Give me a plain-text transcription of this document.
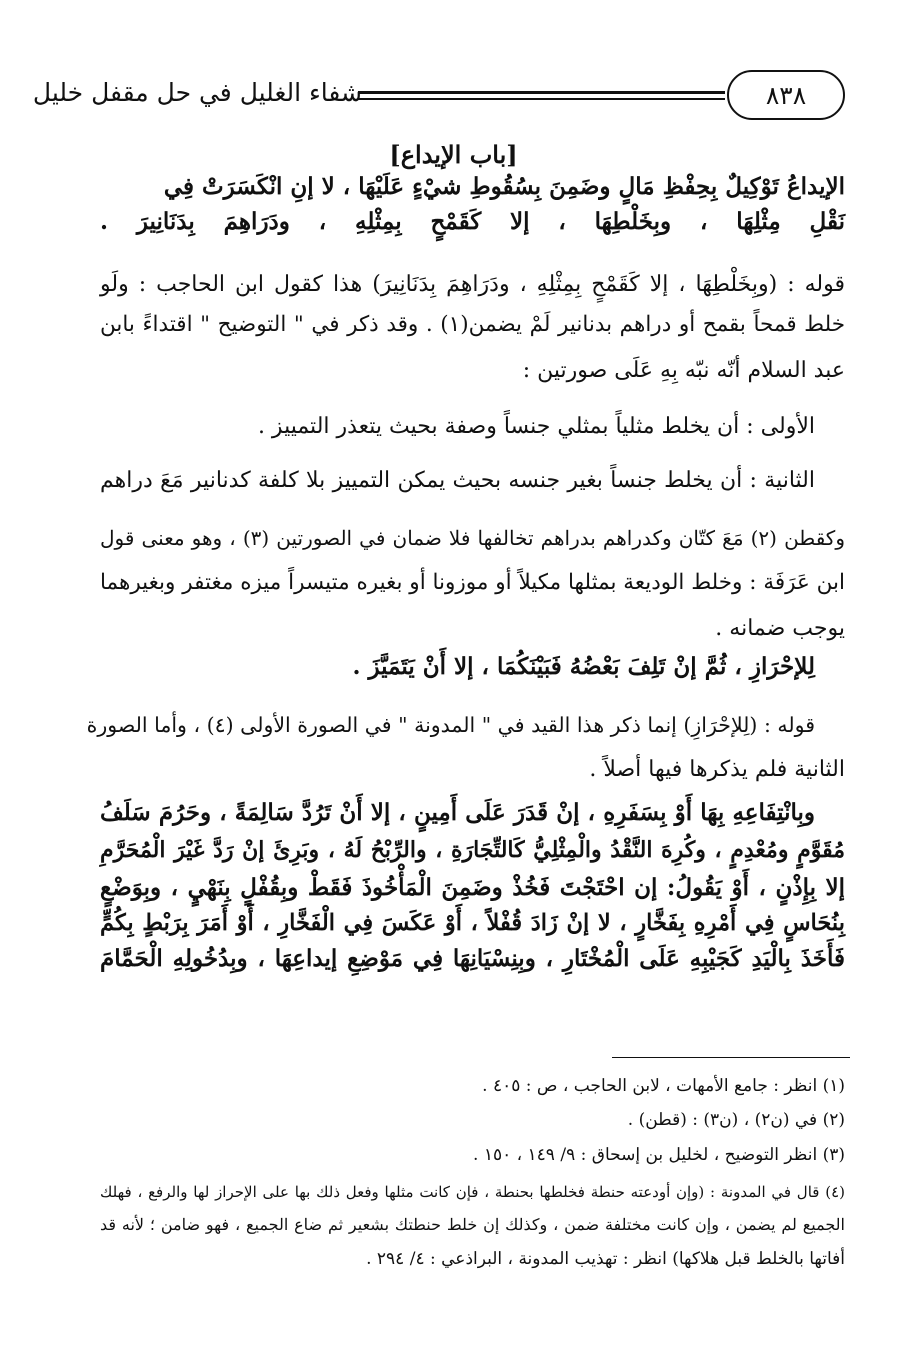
٨٣٨
شفاء الغليل في حل مقفل خليل
[باب الإيداع]
الإيداعُ تَوْكِيلٌ بِحِفْظِ مَالٍ وضَمِنَ بِسُقُوطِ شيْءٍ عَلَيْهَا ، لا إنِ انْكَسَرَتْ فِي
نَقْلِ مِثْلِهَا ، وبِخَلْطِهَا ، إلا كَقَمْحٍ بِمِثْلِهِ ، ودَرَاهِمَ بِدَنَانِيرَ .
قوله : (وبِخَلْطِهَا ، إلا كَقَمْحٍ بِمِثْلِهِ ، ودَرَاهِمَ بِدَنَانِيرَ) هذا كقول ابن الحاجب : ولَو
خلط قمحاً بقمح أو دراهم بدنانير لَمْ يضمن(١) . وقد ذكر في " التوضيح " اقتداءً بابن
عبد السلام أنّه نبّه بِهِ عَلَى صورتين :
الأولى : أن يخلط مثلياً بمثلي جنساً وصفة بحيث يتعذر التمييز .
الثانية : أن يخلط جنساً بغير جنسه بحيث يمكن التمييز بلا كلفة كدنانير مَعَ دراهم
وكقطن (٢) مَعَ كتّان وكدراهم بدراهم تخالفها فلا ضمان في الصورتين (٣) ، وهو معنى قول
ابن عَرَفَة : وخلط الوديعة بمثلها مكيلاً أو موزونا أو بغيره متيسراً ميزه مغتفر وبغيرهما
يوجب ضمانه .
لِلإحْرَازِ ، ثُمَّ إنْ تَلِفَ بَعْضُهُ فَبَيْنَكُمَا ، إلا أَنْ يَتَمَيَّزَ .
قوله : (لِلإحْرَازِ) إنما ذكر هذا القيد في " المدونة " في الصورة الأولى (٤) ، وأما الصورة
الثانية فلم يذكرها فيها أصلاً .
وبِانْتِفَاعِهِ بِهَا أَوْ بِسَفَرِهِ ، إنْ قَدَرَ عَلَى أَمِينٍ ، إلا أَنْ تَرُدَّ سَالِمَةً ، وحَرُمَ سَلَفُ
مُقَوَّمٍ ومُعْدِمٍ ، وكُرِهَ النَّقْدُ والْمِثْلِيُّ كَالتِّجَارَةِ ، والرِّبْحُ لَهُ ، وبَرِئَ إنْ رَدَّ غَيْرَ الْمُحَرَّمِ
إلا بِإِذْنٍ ، أَوْ يَقُولُ: إن احْتَجْتَ فَخُذْ وضَمِنَ الْمَأْخُوذَ فَقَطْ وبِقُفْلٍ بِنَهْيٍ ، وبِوَضْعٍ
بِنُحَاسٍ فِي أَمْرِهِ بِفَخَّارٍ ، لا إنْ زَادَ قُفْلاً ، أَوْ عَكَسَ فِي الْفَخَّارِ ، أَوْ أَمَرَ بِرَبْطٍ بِكُمٍّ
فَأَخَذَ بِالْيَدِ كَجَيْبِهِ عَلَى الْمُخْتَارِ ، وبِنِسْيَانِهَا فِي مَوْضِعِ إيداعِهَا ، وبِدُخُولِهِ الْحَمَّامَ
(١) انظر : جامع الأمهات ، لابن الحاجب ، ص : ٤٠٥ .
(٢) في (ن٢) ، (ن٣) : (قطن) .
(٣) انظر التوضيح ، لخليل بن إسحاق : ٩/ ١٤٩ ، ١٥٠ .
(٤) قال في المدونة : (وإن أودعته حنطة فخلطها بحنطة ، فإن كانت مثلها وفعل ذلك بها على الإحراز لها والرفع ، فهلك
الجميع لم يضمن ، وإن كانت مختلفة ضمن ، وكذلك إن خلط حنطتك بشعير ثم ضاع الجميع ، فهو ضامن ؛ لأنه قد
أفاتها بالخلط قبل هلاكها) انظر : تهذيب المدونة ، البراذعي : ٤/ ٢٩٤ .
